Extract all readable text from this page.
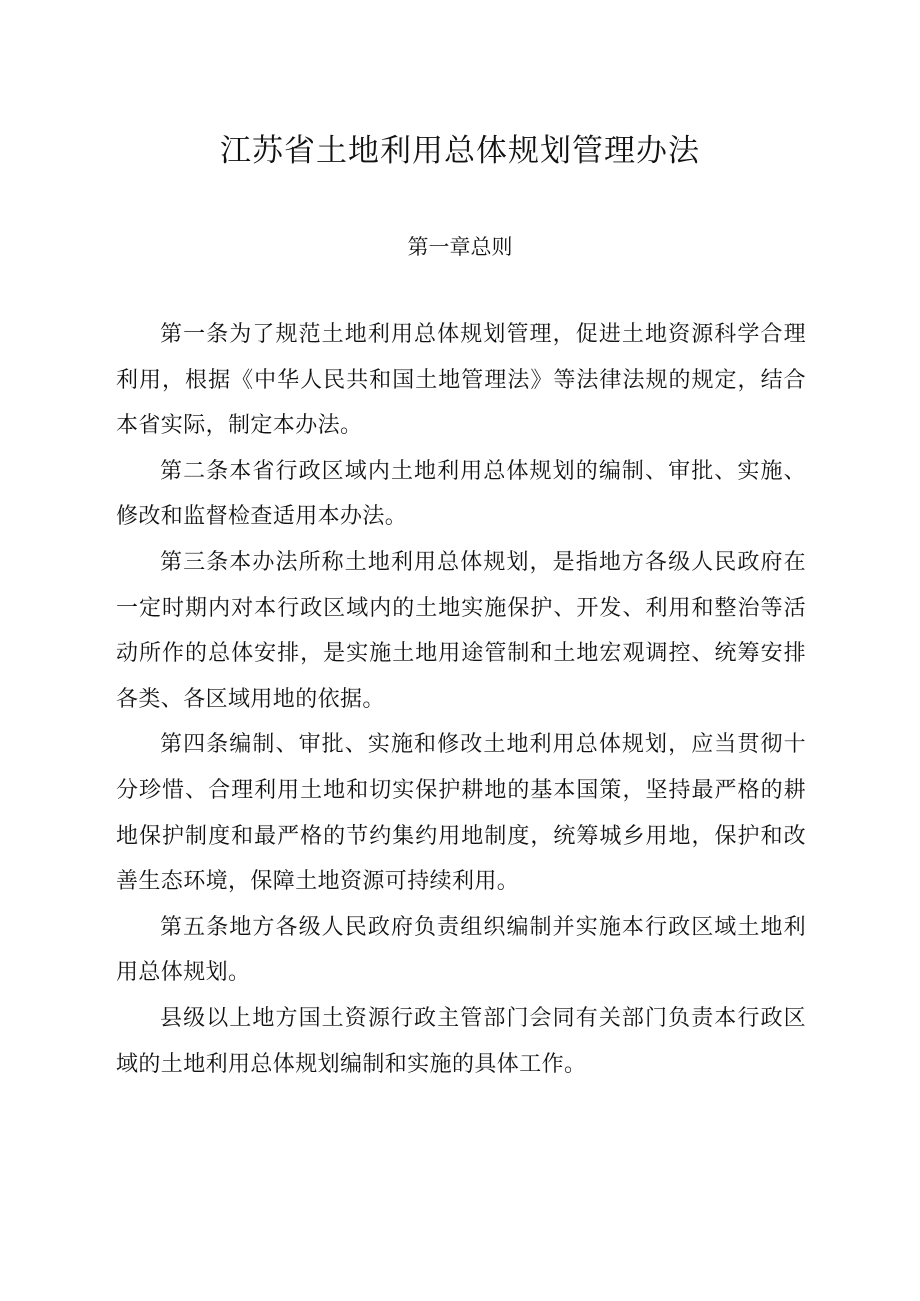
江苏省土地利用总体规划管理办法
第一章总则

第一条为了规范土地利用总体规划管理，促进土地资源科学合理利用，根据《中华人民共和国土地管理法》等法律法规的规定，结合本省实际，制定本办法。

第二条本省行政区域内土地利用总体规划的编制、审批、实施、修改和监督检查适用本办法。

第三条本办法所称土地利用总体规划，是指地方各级人民政府在一定时期内对本行政区域内的土地实施保护、开发、利用和整治等活动所作的总体安排，是实施土地用途管制和土地宏观调控、统筹安排各类、各区域用地的依据。

第四条编制、审批、实施和修改土地利用总体规划，应当贯彻十分珍惜、合理利用土地和切实保护耕地的基本国策，坚持最严格的耕地保护制度和最严格的节约集约用地制度，统筹城乡用地，保护和改善生态环境，保障土地资源可持续利用。

第五条地方各级人民政府负责组织编制并实施本行政区域土地利用总体规划。

县级以上地方国土资源行政主管部门会同有关部门负责本行政区域的土地利用总体规划编制和实施的具体工作。
